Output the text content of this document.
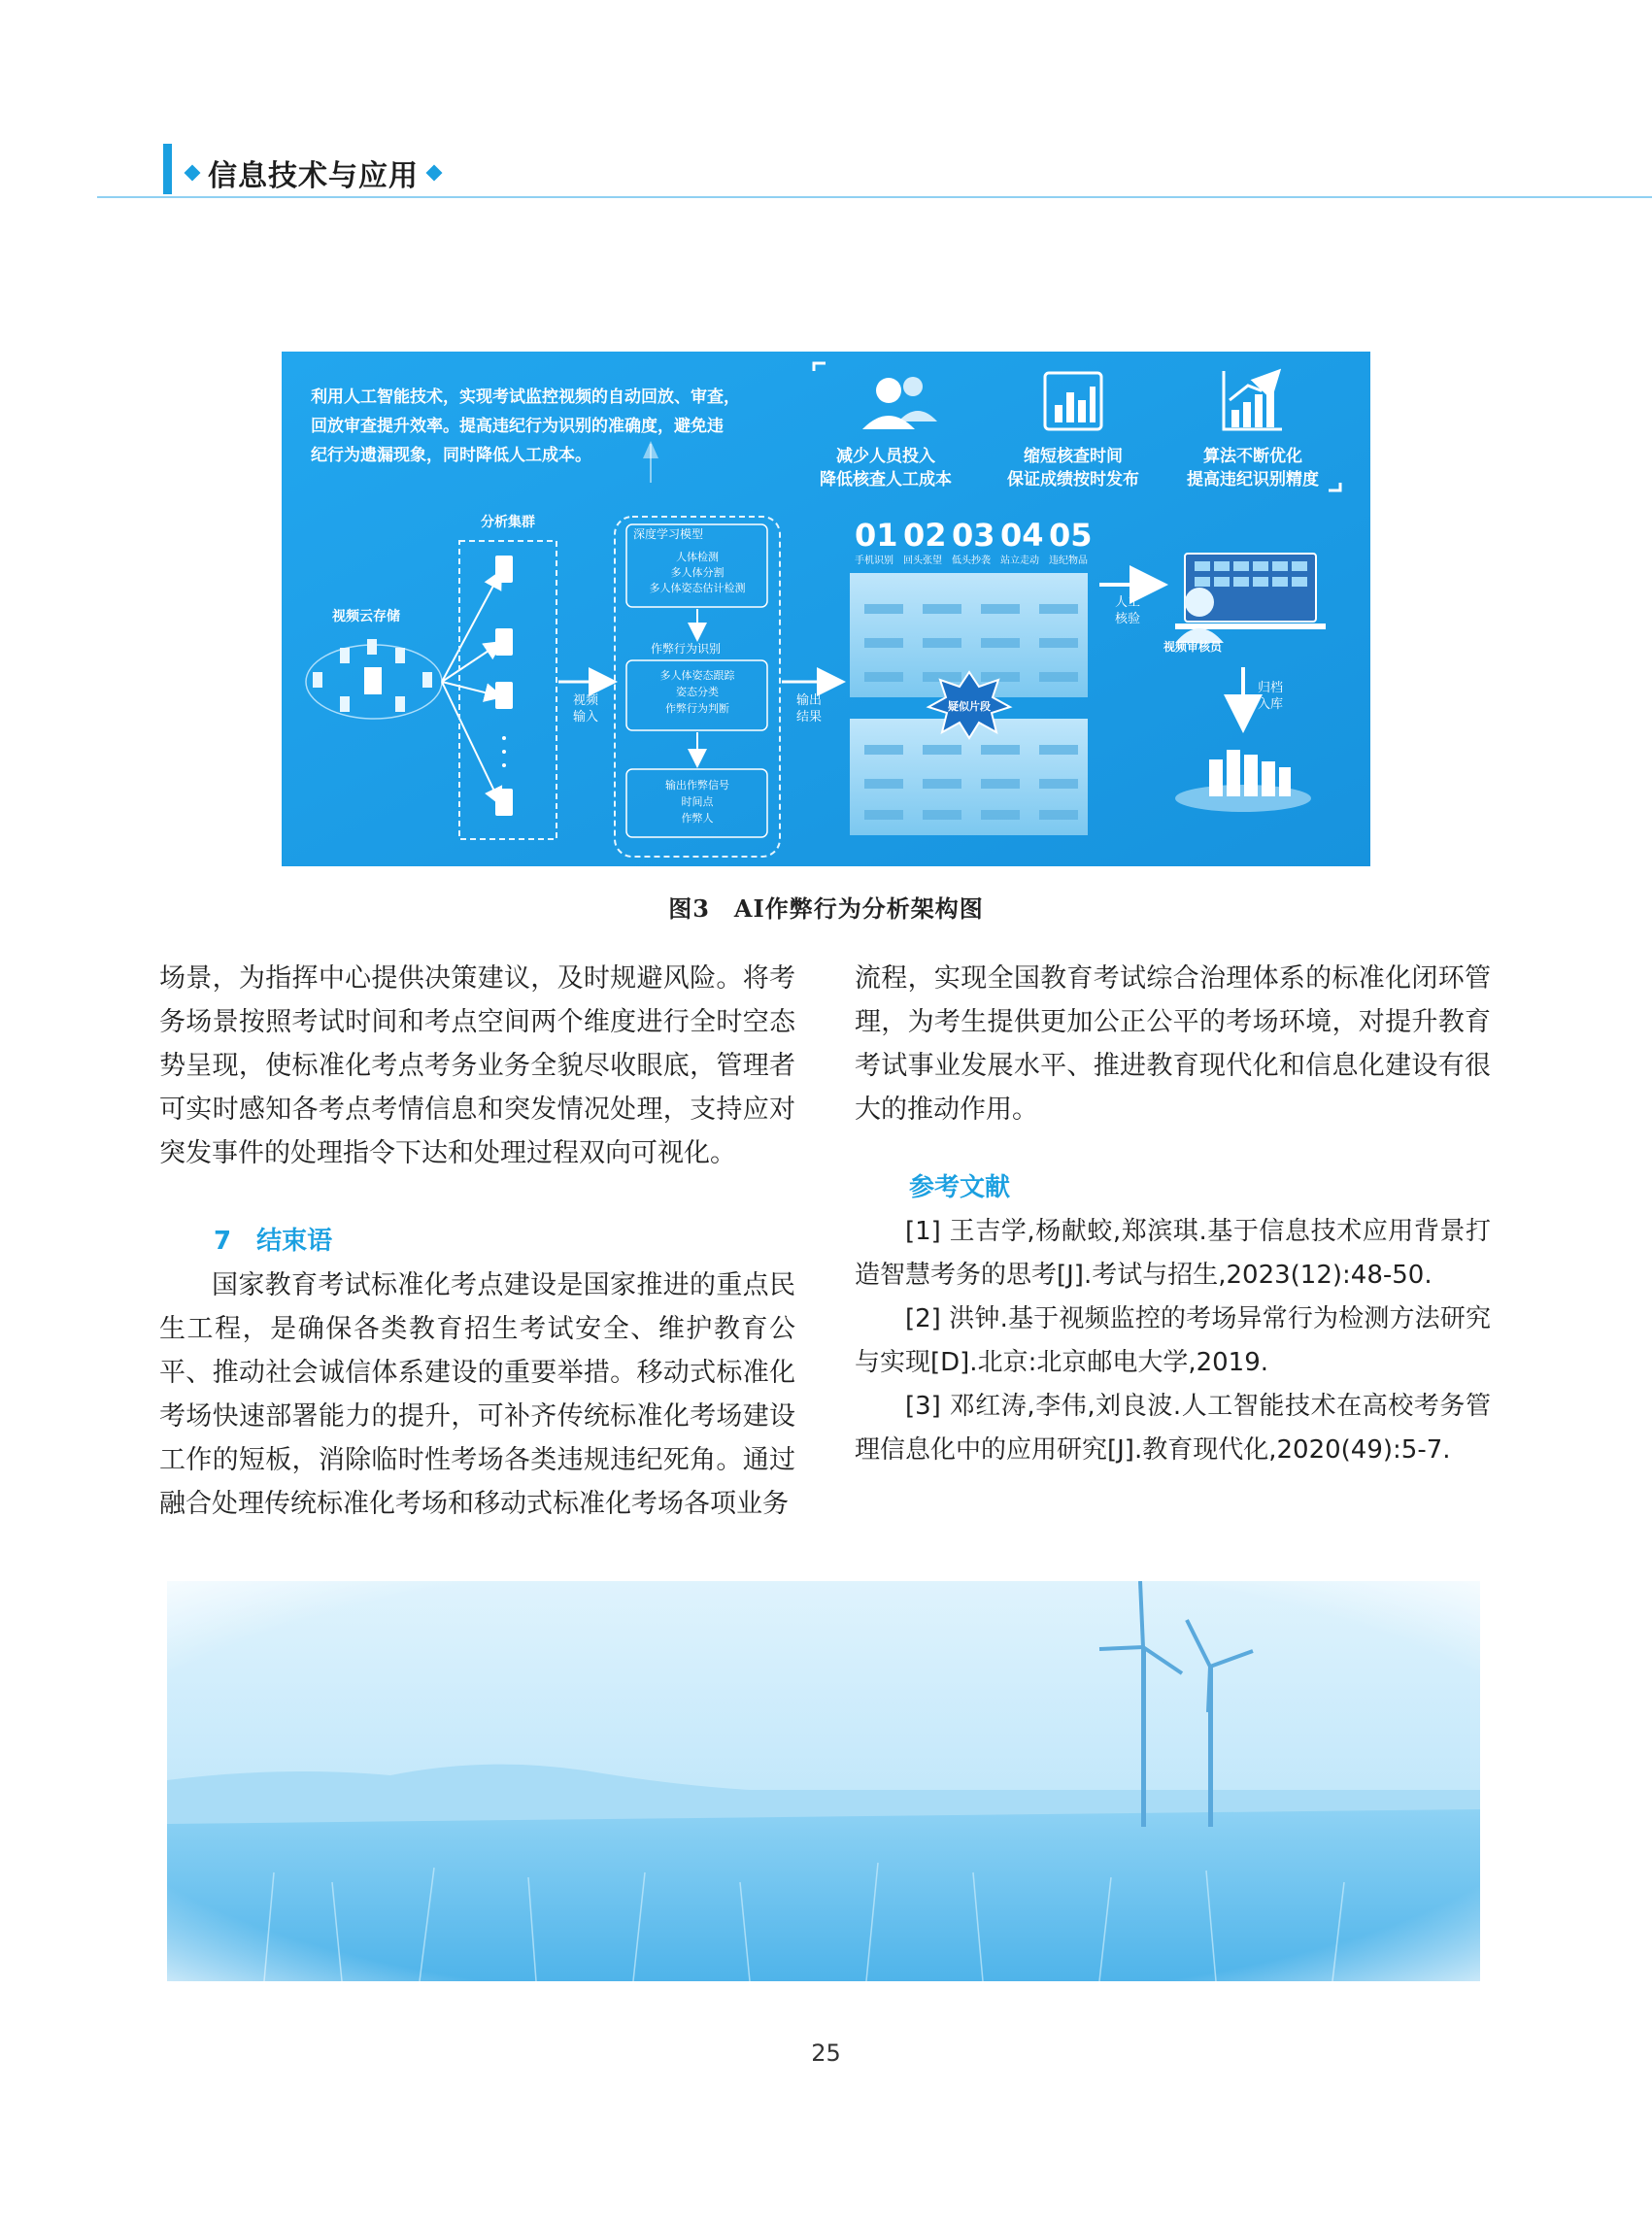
信息技术与应用
利用人工智能技术，实现考试监控视频的自动回放、审查，
回放审查提升效率。提高违纪行为识别的准确度，避免违
纪行为遗漏现象，同时降低人工成本。	减少人员投入
降低核查人工成本
缩短核查时间
保证成绩按时发布
算法不断优化
提高违纪识别精度
视频云存储
分析集群
视频
输入
深度学习模型
人体检测
多人体分割
多人体姿态估计检测
作弊行为识别
多人体姿态跟踪
姿态分类
作弊行为判断
输出作弊信号
时间点
作弊人
输出
结果
01 02 03 04 05
手机识别 回头张望 低头抄袭 站立走动 违纪物品
疑似片段
人工
核验
视频审核员
归档
入库
图3　AI作弊行为分析架构图

场景，为指挥中心提供决策建议，及时规避风险。将考务场景按照考试时间和考点空间两个维度进行全时空态势呈现，使标准化考点考务业务全貌尽收眼底，管理者可实时感知各考点考情信息和突发情况处理，支持应对突发事件的处理指令下达和处理过程双向可视化。

7　结束语

国家教育考试标准化考点建设是国家推进的重点民生工程，是确保各类教育招生考试安全、维护教育公平、推动社会诚信体系建设的重要举措。移动式标准化考场快速部署能力的提升，可补齐传统标准化考场建设工作的短板，消除临时性考场各类违规违纪死角。通过融合处理传统标准化考场和移动式标准化考场各项业务

流程，实现全国教育考试综合治理体系的标准化闭环管理，为考生提供更加公正公平的考场环境，对提升教育考试事业发展水平、推进教育现代化和信息化建设有很大的推动作用。

参考文献

[1] 王吉学,杨献蛟,郑滨琪.基于信息技术应用背景打造智慧考务的思考[J].考试与招生,2023(12):48-50.

[2] 洪钟.基于视频监控的考场异常行为检测方法研究与实现[D].北京:北京邮电大学,2019.

[3] 邓红涛,李伟,刘良波.人工智能技术在高校考务管理信息化中的应用研究[J].教育现代化,2020(49):5-7.

25
